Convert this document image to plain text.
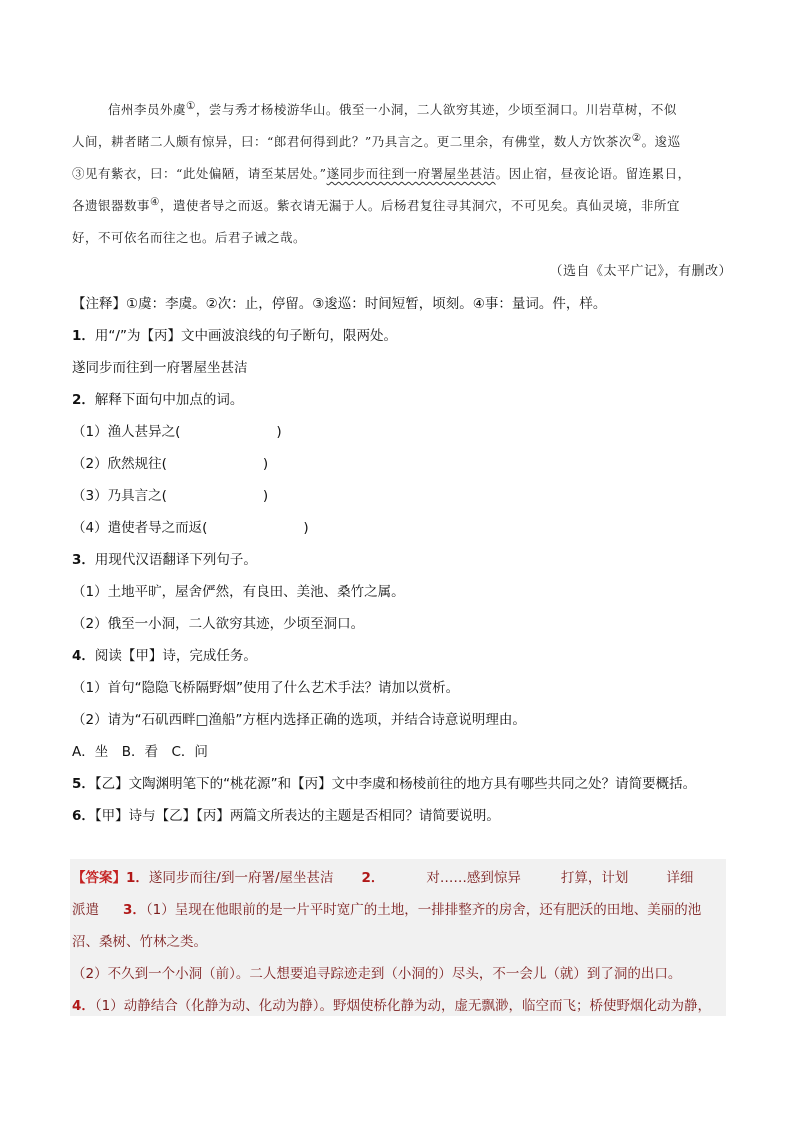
信州李员外虞①，尝与秀才杨棱游华山。俄至一小洞，二人欲穷其迹，少顷至洞口。川岩草树，不似
人间，耕者睹二人颇有惊异，曰：“郎君何得到此？”乃具言之。更二里余，有佛堂，数人方饮茶次②。逡巡
③见有紫衣，曰：“此处偏陋，请至某居处。”遂同步而往到一府署屋坐甚洁。因止宿，昼夜论语。留连累日，
各遗银器数事④，遣使者导之而返。紫衣请无漏于人。后杨君复往寻其洞穴，不可见矣。真仙灵境，非所宜
好，不可依名而往之也。后君子诫之哉。
（选自《太平广记》，有删改）
【注释】①虞：李虞。②次：止，停留。③逡巡：时间短暂，顷刻。④事：量词。件，样。
1．用“/”为【丙】文中画波浪线的句子断句，限两处。
遂同步而往到一府署屋坐甚洁
2．解释下面句中加点的词。
（1）渔人甚异之(	)
（2）欣然规往(	)
（3）乃具言之(	)
（4）遣使者导之而返(	)
3．用现代汉语翻译下列句子。
（1）土地平旷，屋舍俨然，有良田、美池、桑竹之属。
（2）俄至一小洞，二人欲穷其迹，少顷至洞口。
4．阅读【甲】诗，完成任务。
（1）首句“隐隐飞桥隔野烟”使用了什么艺术手法？请加以赏析。
（2）请为“石矶西畔□渔船”方框内选择正确的选项，并结合诗意说明理由。
A．坐　B．看　C．问
5．【乙】文陶渊明笔下的“桃花源”和【丙】文中李虞和杨棱前往的地方具有哪些共同之处？请简要概括。
6．【甲】诗与【乙】【丙】两篇文所表达的主题是否相同？请简要说明。
【答案】1．遂同步而往/到一府署/屋坐甚洁 2．	对……感到惊异	打算，计划	详细
派遣 3．（1）呈现在他眼前的是一片平时宽广的土地，一排排整齐的房舍，还有肥沃的田地、美丽的池
沼、桑树、竹林之类。
（2）不久到一个小洞（前）。二人想要追寻踪迹走到（小洞的）尽头，不一会儿（就）到了洞的出口。
4．（1）动静结合（化静为动、化动为静）。野烟使桥化静为动，虚无飘渺，临空而飞；桥使野烟化动为静，
